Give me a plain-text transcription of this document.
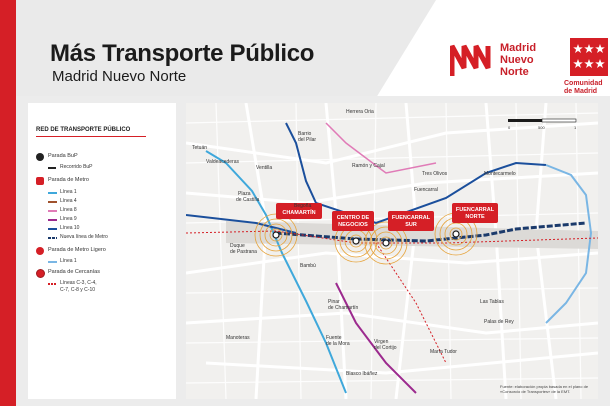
Más Transporte Público
Madrid Nuevo Norte
Madrid
Nuevo
Norte
Comunidad
de Madrid
RED DE TRANSPORTE PÚBLICO
Parada BuP
Recorrido BuP
Parada de Metro
Línea 1
Línea 4
Línea 8
Línea 9
Línea 10
Nueva línea de Metro
Parada de Metro Ligero
Línea 1
Parada de Cercanías
Líneas C-3, C-4,
C-7, C-8 y C-10
CHAMARTÍN
CENTRO DE
NEGOCIOS
FUENCARRAL
SUR
FUENCARRAL
NORTE
Tetuán
Barrio
del Pilar
Herrera Oria
Valdeacederas
Ventilla
Plaza
de Castilla
Begoña
Ramón y Cajal
Fuencarral
Tres Olivos	Montecarmelo
Duque
de Pastrana
Bambú
Pinar
de Chamartín
Las Tablas
Palas de Rey
Manoteras	Fuente
de la Mora	Virgen
del Cortijo
María Tudor
Blasco Ibáñez
0	500	1
Fuente: elaboración propia basada en el plano de «Consorcio de Transportes» de la EMT.
